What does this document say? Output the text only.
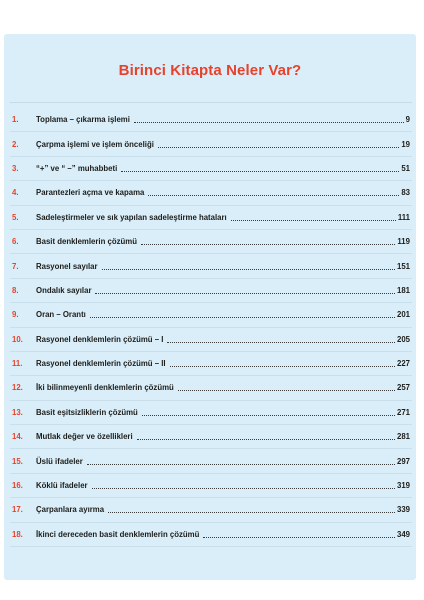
Birinci Kitapta Neler Var?
1.	Toplama – çıkarma işlemi	9
2.	Çarpma işlemi ve işlem önceliği	19
3.	“+” ve “ –” muhabbeti	51
4.	Parantezleri açma ve kapama	83
5.	Sadeleştirmeler ve sık yapılan sadeleştirme hataları	111
6.	Basit denklemlerin çözümü	119
7.	Rasyonel sayılar	151
8.	Ondalık sayılar	181
9.	Oran – Orantı	201
10.	Rasyonel denklemlerin çözümü – I	205
11.	Rasyonel denklemlerin çözümü – II	227
12.	İki bilinmeyenli denklemlerin çözümü	257
13.	Basit eşitsizliklerin çözümü	271
14.	Mutlak değer ve özellikleri	281
15.	Üslü ifadeler	297
16.	Köklü ifadeler	319
17.	Çarpanlara ayırma	339
18.	İkinci dereceden basit denklemlerin çözümü	349
